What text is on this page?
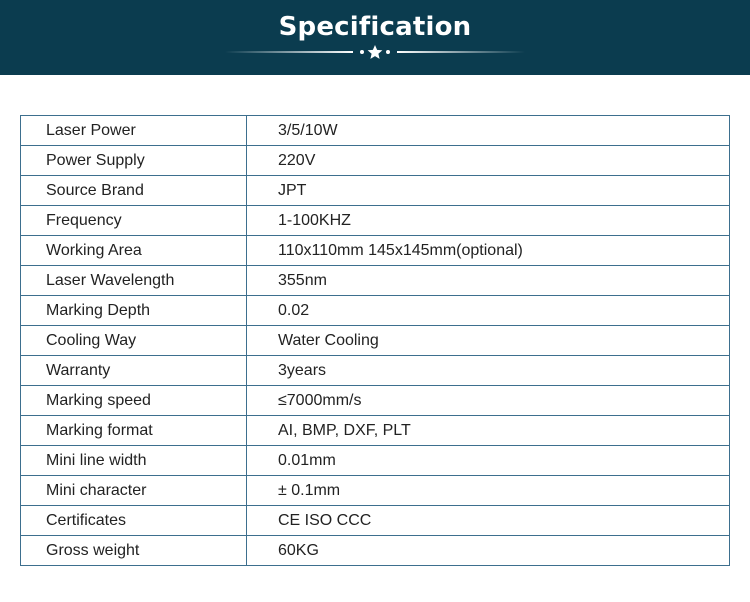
Specification
Laser Power	3/5/10W
Power Supply	220V
Source Brand	JPT
Frequency	1-100KHZ
Working Area	110x110mm 145x145mm(optional)
Laser Wavelength	355nm
Marking Depth	0.02
Cooling Way	Water Cooling
Warranty	3years
Marking speed	≤7000mm/s
Marking format	AI, BMP, DXF, PLT
Mini line width	0.01mm
Mini character	± 0.1mm
Certificates	CE ISO CCC
Gross weight	60KG
